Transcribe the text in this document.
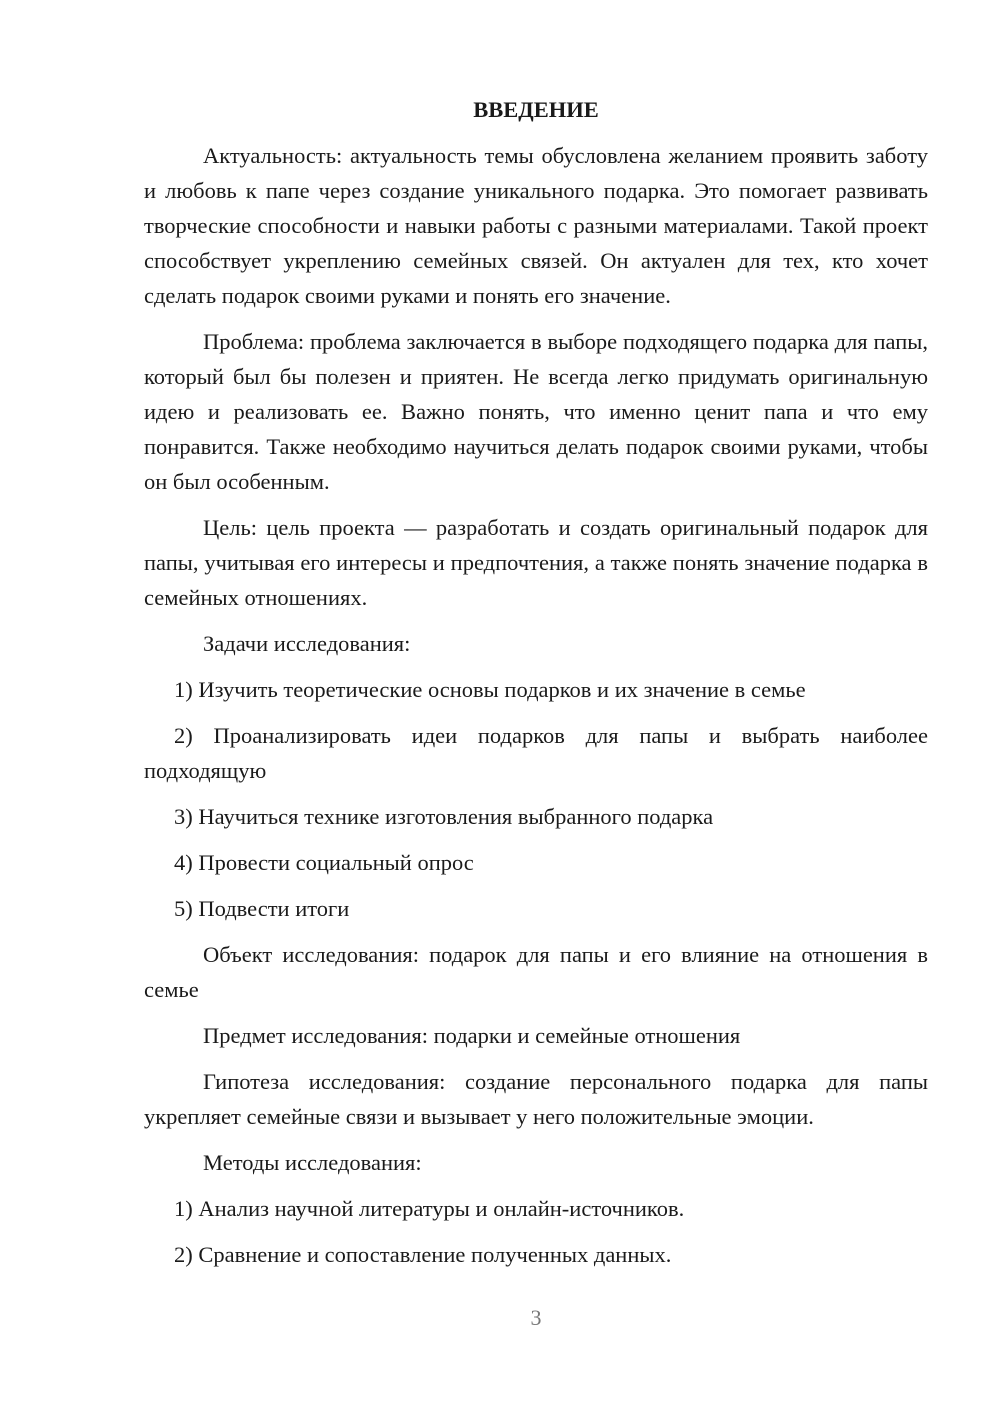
ВВЕДЕНИЕ

Актуальность: актуальность темы обусловлена желанием проявить заботу и любовь к папе через создание уникального подарка. Это помогает развивать творческие способности и навыки работы с разными материалами. Такой проект способствует укреплению семейных связей. Он актуален для тех, кто хочет сделать подарок своими руками и понять его значение.

Проблема: проблема заключается в выборе подходящего подарка для папы, который был бы полезен и приятен. Не всегда легко придумать оригинальную идею и реализовать ее. Важно понять, что именно ценит папа и что ему понравится. Также необходимо научиться делать подарок своими руками, чтобы он был особенным.

Цель: цель проекта — разработать и создать оригинальный подарок для папы, учитывая его интересы и предпочтения, а также понять значение подарка в семейных отношениях.

Задачи исследования:

1) Изучить теоретические основы подарков и их значение в семье

2) Проанализировать идеи подарков для папы и выбрать наиболее подходящую

3) Научиться технике изготовления выбранного подарка

4) Провести социальный опрос

5) Подвести итоги

Объект исследования: подарок для папы и его влияние на отношения в семье

Предмет исследования: подарки и семейные отношения

Гипотеза исследования: создание персонального подарка для папы укрепляет семейные связи и вызывает у него положительные эмоции.

Методы исследования:

1) Анализ научной литературы и онлайн-источников.

2) Сравнение и сопоставление полученных данных.

3
